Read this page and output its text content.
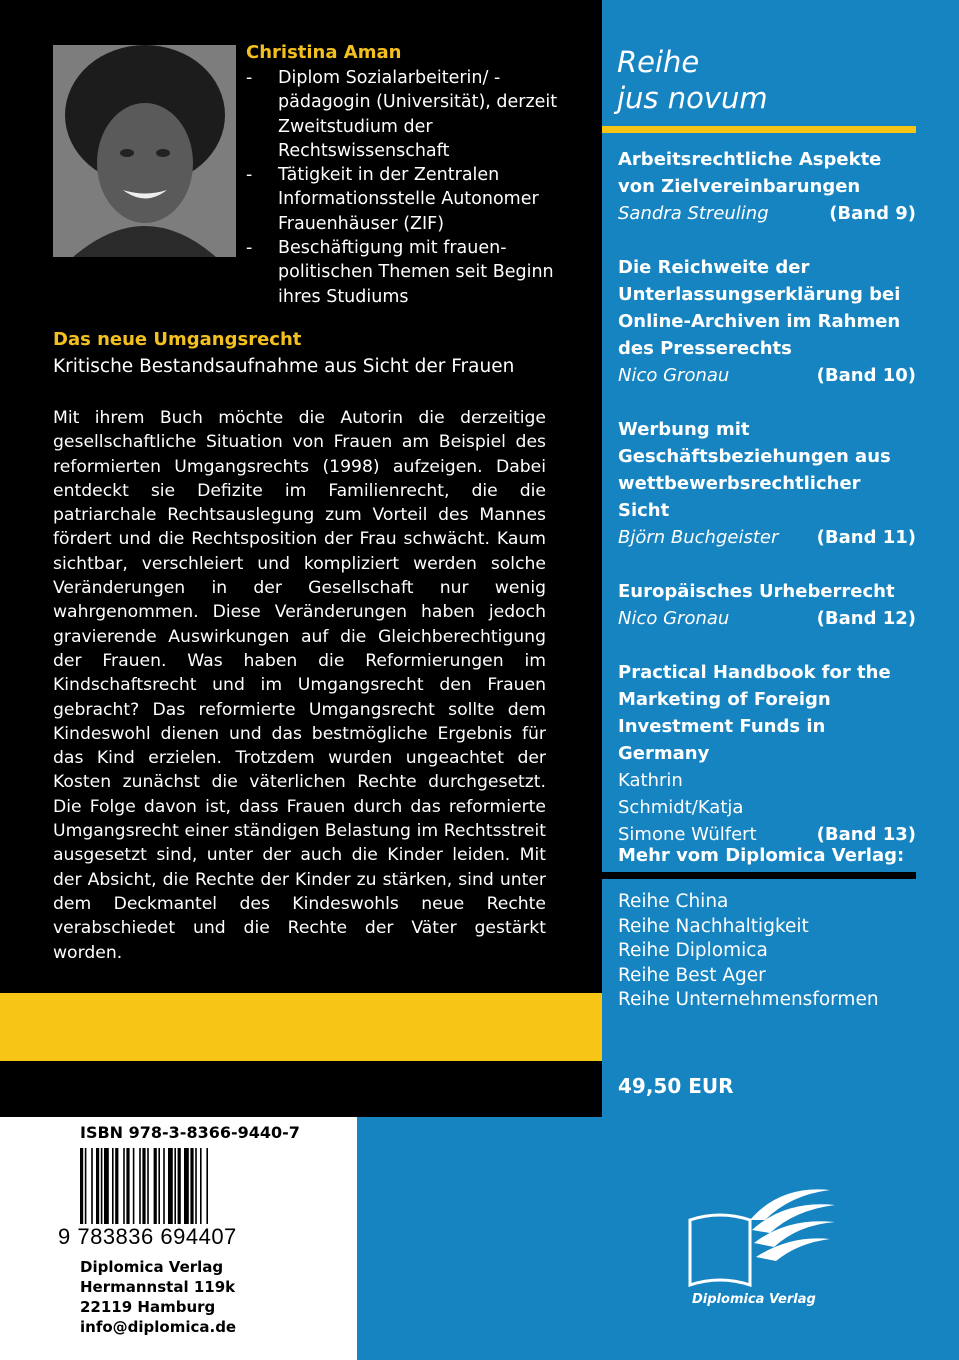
Christina Aman
- Diplom Sozialarbeiterin/ -pädagogin (Universität), derzeit Zweitstudium der Rechtswissenschaft
- Tätigkeit in der Zentralen Informationsstelle Autonomer Frauenhäuser (ZIF)
- Beschäftigung mit frauen- politischen Themen seit Beginn ihres Studiums
Das neue Umgangsrecht
Kritische Bestandsaufnahme aus Sicht der Frauen
Mit ihrem Buch möchte die Autorin die derzeitige gesellschaftliche Situation von Frauen am Beispiel des reformierten Umgangsrechts (1998) aufzeigen. Dabei entdeckt sie Defizite im Familienrecht, die die patriarchale Rechtsauslegung zum Vorteil des Mannes fördert und die Rechtsposition der Frau schwächt. Kaum sichtbar, verschleiert und kompliziert werden solche Veränderungen in der Gesellschaft nur wenig wahrgenommen. Diese Veränderungen haben jedoch gravierende Auswirkungen auf die Gleichberechtigung der Frauen. Was haben die Reformierungen im Kindschaftsrecht und im Umgangsrecht den Frauen gebracht? Das reformierte Umgangsrecht sollte dem Kindeswohl dienen und das bestmögliche Ergebnis für das Kind erzielen. Trotzdem wurden ungeachtet der Kosten zunächst die väterlichen Rechte durchgesetzt. Die Folge davon ist, dass Frauen durch das reformierte Umgangsrecht einer ständigen Belastung im Rechtsstreit ausgesetzt sind, unter der auch die Kinder leiden. Mit der Absicht, die Rechte der Kinder zu stärken, sind unter dem Deckmantel des Kindeswohls neue Rechte verabschiedet und die Rechte der Väter gestärkt worden.
Reihe
jus novum
Arbeitsrechtliche Aspekte von Zielvereinbarungen
Sandra Streuling	(Band 9)
Die Reichweite der Unterlassungserklärung bei Online-Archiven im Rahmen des Presserechts
Nico Gronau	(Band 10)
Werbung mit Geschäftsbeziehungen aus wettbewerbsrechtlicher Sicht
Björn Buchgeister (Band 11)
Europäisches Urheberrecht
Nico Gronau	(Band 12)
Practical Handbook for the Marketing of Foreign Investment Funds in Germany
Kathrin Schmidt/Katja Simone Wülfert	(Band 13)
Mehr vom Diplomica Verlag:
Reihe China
Reihe Nachhaltigkeit
Reihe Diplomica
Reihe Best Ager
Reihe Unternehmensformen
49,50 EUR
ISBN 978-3-8366-9440-7
9 783836 694407
Diplomica Verlag
Hermannstal 119k
22119 Hamburg
info@diplomica.de
Diplomica Verlag
